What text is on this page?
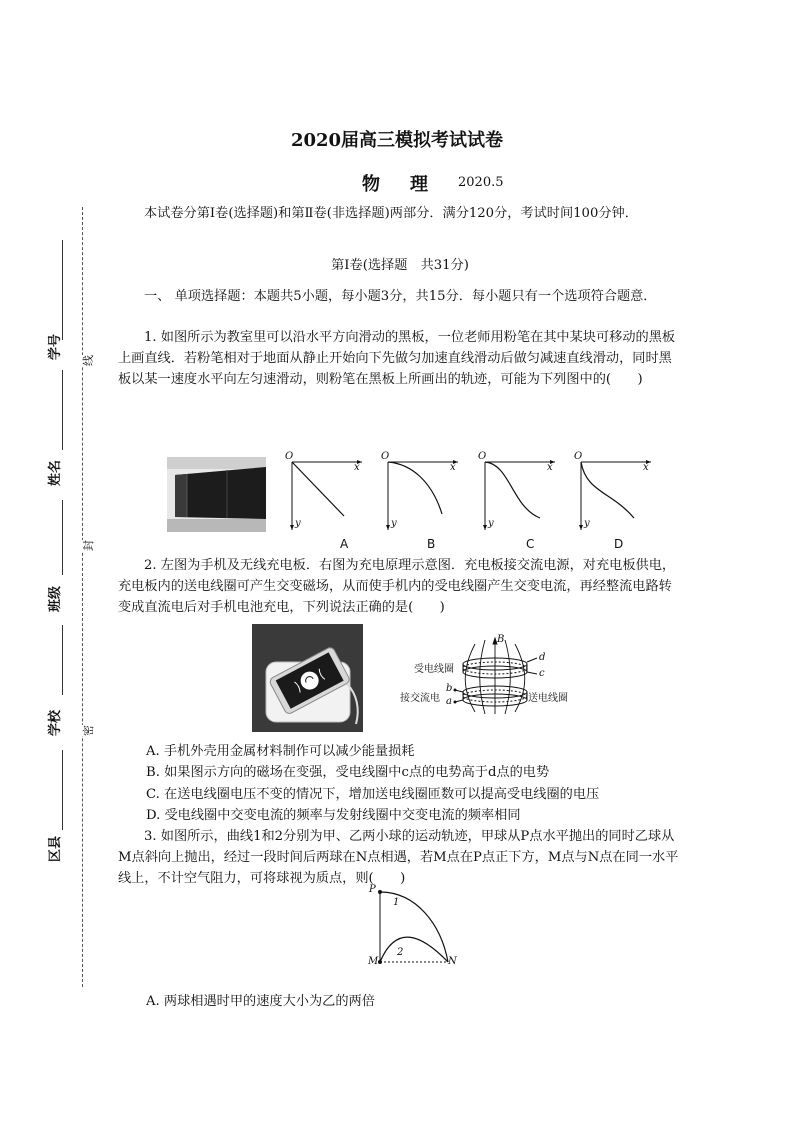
学号
姓名
班级
学校
区县
线
封
密
2020届高三模拟考试试卷
物理 2020.5
本试卷分第Ⅰ卷(选择题)和第Ⅱ卷(非选择题)两部分．满分120分，考试时间100分钟．
第Ⅰ卷(选择题　共31分)
一、 单项选择题：本题共5小题，每小题3分，共15分．每小题只有一个选项符合题意．
1. 如图所示为教室里可以沿水平方向滑动的黑板，一位老师用粉笔在其中某块可移动的黑板上画直线．若粉笔相对于地面从静止开始向下先做匀加速直线滑动后做匀减速直线滑动，同时黑板以某一速度水平向左匀速滑动，则粉笔在黑板上所画出的轨迹，可能为下列图中的(　　)
O
x
y
A
O
x
y
B
O
x
y
C
O
x
y
D
2. 左图为手机及无线充电板．右图为充电原理示意图．充电板接交流电源，对充电板供电，充电板内的送电线圈可产生交变磁场，从而使手机内的受电线圈产生交变电流，再经整流电路转变成直流电后对手机电池充电，下列说法正确的是(　　)
B
受电线圈
接交流电	送电线圈
d
c
b
a
A. 手机外壳用金属材料制作可以减少能量损耗
B. 如果图示方向的磁场在变强，受电线圈中c点的电势高于d点的电势
C. 在送电线圈电压不变的情况下，增加送电线圈匝数可以提高受电线圈的电压
D. 受电线圈中交变电流的频率与发射线圈中交变电流的频率相同
3. 如图所示，曲线1和2分别为甲、乙两小球的运动轨迹，甲球从P点水平抛出的同时乙球从M点斜向上抛出，经过一段时间后两球在N点相遇，若M点在P点正下方，M点与N点在同一水平线上，不计空气阻力，可将球视为质点，则(　　)
P
M	N
1
2
A. 两球相遇时甲的速度大小为乙的两倍
